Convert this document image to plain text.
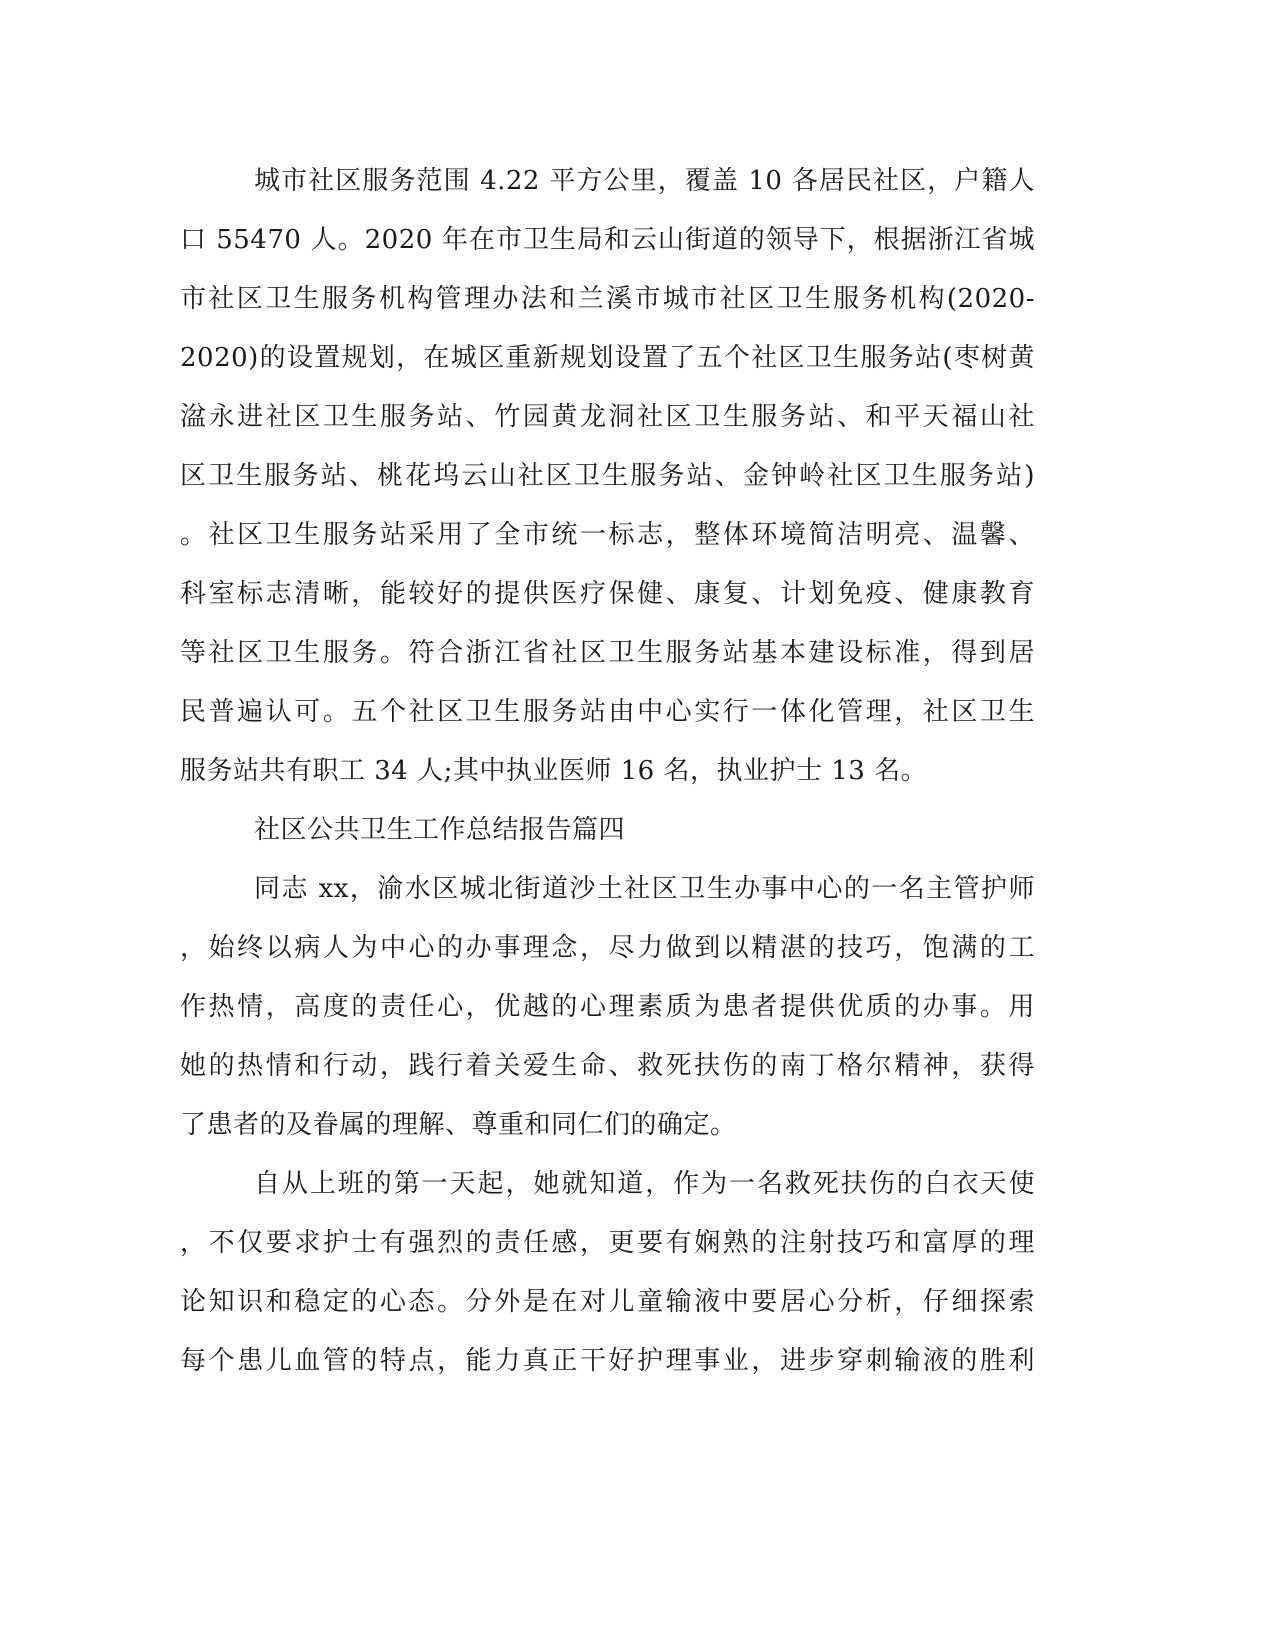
城市社区服务范围 4.22 平方公里，覆盖 10 各居民社区，户籍人
口 55470 人。2020 年在市卫生局和云山街道的领导下，根据浙江省城
市社区卫生服务机构管理办法和兰溪市城市社区卫生服务机构(2020-
2020)的设置规划，在城区重新规划设置了五个社区卫生服务站(枣树黄
湓永进社区卫生服务站、竹园黄龙洞社区卫生服务站、和平天福山社
区卫生服务站、桃花坞云山社区卫生服务站、金钟岭社区卫生服务站)
。社区卫生服务站采用了全市统一标志，整体环境简洁明亮、温馨、
科室标志清晰，能较好的提供医疗保健、康复、计划免疫、健康教育
等社区卫生服务。符合浙江省社区卫生服务站基本建设标准，得到居
民普遍认可。五个社区卫生服务站由中心实行一体化管理，社区卫生
服务站共有职工 34 人;其中执业医师 16 名，执业护士 13 名。
社区公共卫生工作总结报告篇四
同志 xx，渝水区城北街道沙土社区卫生办事中心的一名主管护师
，始终以病人为中心的办事理念，尽力做到以精湛的技巧，饱满的工
作热情，高度的责任心，优越的心理素质为患者提供优质的办事。用
她的热情和行动，践行着关爱生命、救死扶伤的南丁格尔精神，获得
了患者的及眷属的理解、尊重和同仁们的确定。
自从上班的第一天起，她就知道，作为一名救死扶伤的白衣天使
，不仅要求护士有强烈的责任感，更要有娴熟的注射技巧和富厚的理
论知识和稳定的心态。分外是在对儿童输液中要居心分析，仔细探索
每个患儿血管的特点，能力真正干好护理事业，进步穿刺输液的胜利
